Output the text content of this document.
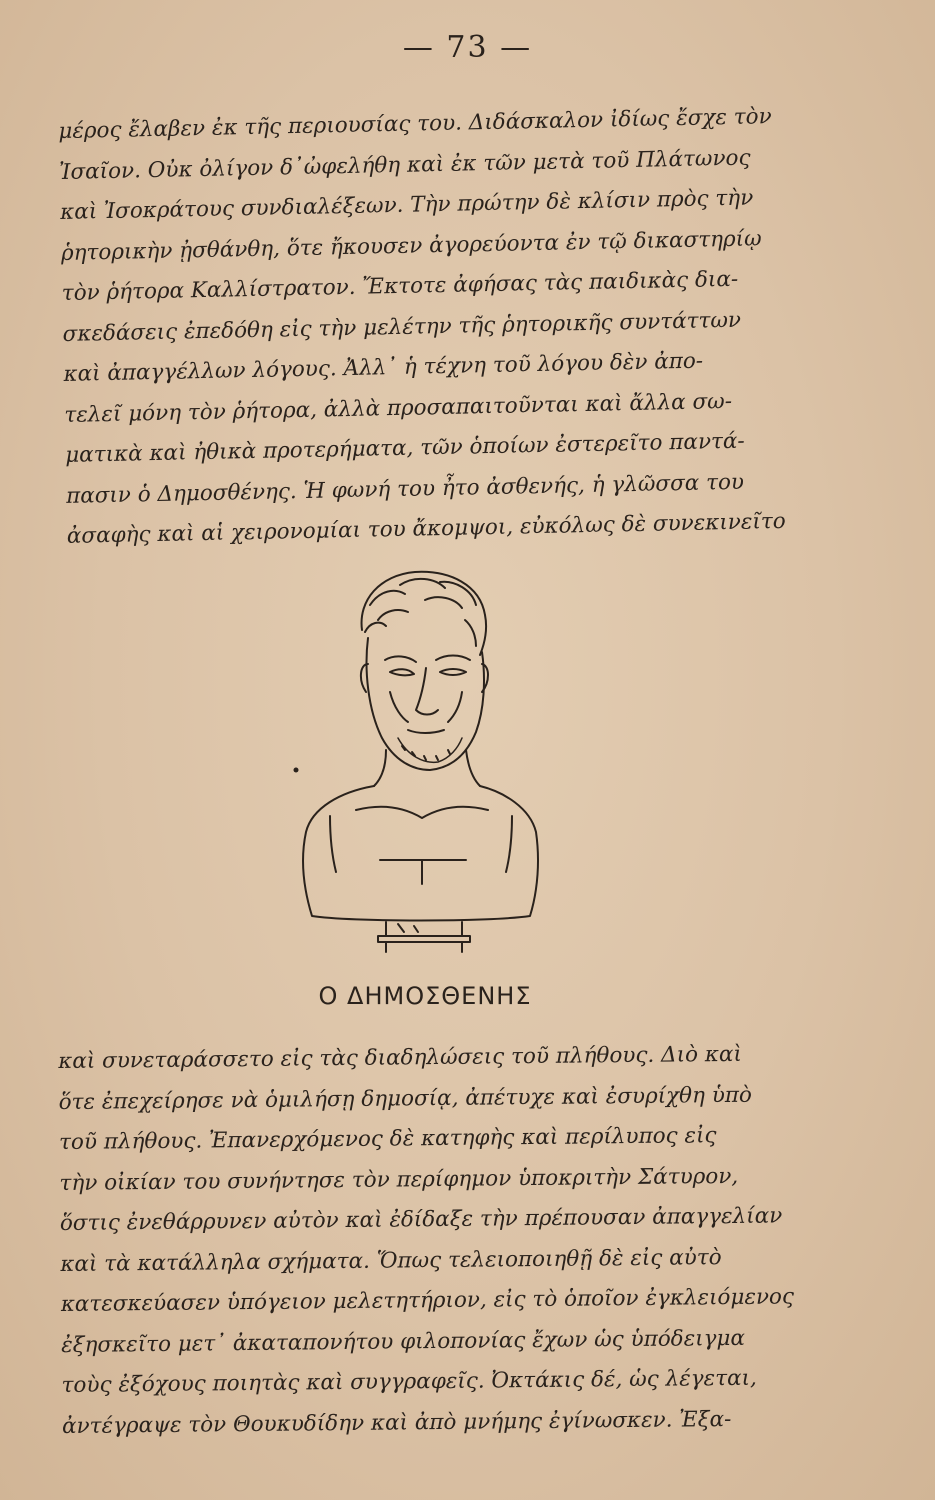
— 73 —
μέρος ἔλαβεν ἐκ τῆς περιουσίας του. Διδάσκαλον ἰδίως ἔσχε τὸν
Ἰσαῖον. Οὐκ ὀλίγον δ᾽ὠφελήθη καὶ ἐκ τῶν μετὰ τοῦ Πλάτωνος
καὶ Ἰσοκράτους συνδιαλέξεων. Τὴν πρώτην δὲ κλίσιν πρὸς τὴν
ῥητορικὴν ᾐσθάνθη, ὅτε ἤκουσεν ἀγορεύοντα ἐν τῷ δικαστηρίῳ
τὸν ῥήτορα Καλλίστρατον. Ἔκτοτε ἀφήσας τὰς παιδικὰς δια-
σκεδάσεις ἐπεδόθη εἰς τὴν μελέτην τῆς ῥητορικῆς συντάττων
καὶ ἀπαγγέλλων λόγους. Ἀλλ᾽ ἡ τέχνη τοῦ λόγου δὲν ἀπο-
τελεῖ μόνη τὸν ῥήτορα, ἀλλὰ προσαπαιτοῦνται καὶ ἄλλα σω-
ματικὰ καὶ ἠθικὰ προτερήματα, τῶν ὁποίων ἐστερεῖτο παντά-
πασιν ὁ Δημοσθένης. Ἡ φωνή του ἦτο ἀσθενής, ἡ γλῶσσα του
ἀσαφὴς καὶ αἱ χειρονομίαι του ἄκομψοι, εὐκόλως δὲ συνεκινεῖτο
Ο ΔΗΜΟΣΘΕΝΗΣ
καὶ συνεταράσσετο εἰς τὰς διαδηλώσεις τοῦ πλήθους. Διὸ καὶ
ὅτε ἐπεχείρησε νὰ ὁμιλήσῃ δημοσίᾳ, ἀπέτυχε καὶ ἐσυρίχθη ὑπὸ
τοῦ πλήθους. Ἐπανερχόμενος δὲ κατηφὴς καὶ περίλυπος εἰς
τὴν οἰκίαν του συνήντησε τὸν περίφημον ὑποκριτὴν Σάτυρον,
ὅστις ἐνεθάρρυνεν αὐτὸν καὶ ἐδίδαξε τὴν πρέπουσαν ἀπαγγελίαν
καὶ τὰ κατάλληλα σχήματα. Ὅπως τελειοποιηθῇ δὲ εἰς αὐτὸ
κατεσκεύασεν ὑπόγειον μελετητήριον, εἰς τὸ ὁποῖον ἐγκλειόμενος
ἐξησκεῖτο μετ᾽ ἀκαταπονήτου φιλοπονίας ἔχων ὡς ὑπόδειγμα
τοὺς ἐξόχους ποιητὰς καὶ συγγραφεῖς. Ὀκτάκις δέ, ὡς λέγεται,
ἀντέγραψε τὸν Θουκυδίδην καὶ ἀπὸ μνήμης ἐγίνωσκεν. Ἐξα-
